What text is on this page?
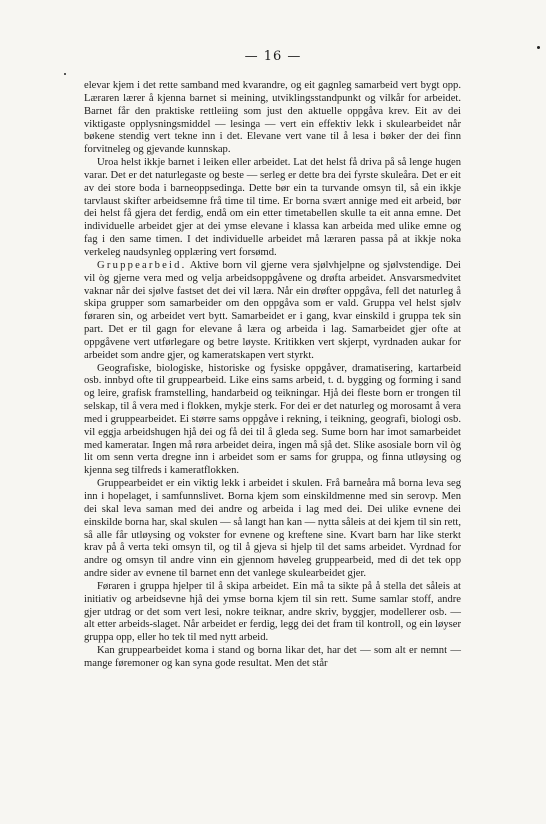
— 16 —

elevar kjem i det rette samband med kvarandre, og eit gagnleg samarbeid vert bygt opp. Læraren lærer å kjenna barnet si meining, utviklingsstandpunkt og vilkår for arbeidet. Barnet får den praktiske rettleiing som just den aktuelle oppgåva krev. Eit av dei viktigaste opplysningsmiddel — lesinga — vert ein effektiv lekk i skulearbeidet når bøkene stendig vert tekne inn i det. Elevane vert vane til å lesa i bøker der dei finn forvitneleg og gjevande kunnskap.

Uroa helst ikkje barnet i leiken eller arbeidet. Lat det helst få driva på så lenge hugen varar. Det er det naturlegaste og beste — serleg er dette bra dei fyrste skuleåra. Det er eit av dei store boda i barneoppsedinga. Dette bør ein ta turvande omsyn til, så ein ikkje tarvlaust skifter arbeidsemne frå time til time. Er borna svært annige med eit arbeid, bør dei helst få gjera det ferdig, endå om ein etter timetabellen skulle ta eit anna emne. Det individuelle arbeidet gjer at dei ymse elevane i klassa kan arbeida med ulike emne og fag i den same timen. I det individuelle arbeidet må læraren passa på at ikkje noka verkeleg naudsynleg opplæring vert forsømd.

Gruppearbeid. Aktive born vil gjerne vera sjølvhjelpne og sjølvstendige. Dei vil òg gjerne vera med og velja arbeidsoppgåvene og drøfta arbeidet. Ansvarsmedvitet vaknar når dei sjølve fastset det dei vil læra. Når ein drøfter oppgåva, fell det naturleg å skipa grupper som samarbeider om den oppgåva som er vald. Gruppa vel helst sjølv føraren sin, og arbeidet vert bytt. Samarbeidet er i gang, kvar einskild i gruppa tek sin part. Det er til gagn for elevane å læra og arbeida i lag. Samarbeidet gjer ofte at oppgåvene vert utførlegare og betre løyste. Kritikken vert skjerpt, vyrdnaden aukar for arbeidet som andre gjer, og kameratskapen vert styrkt.

Geografiske, biologiske, historiske og fysiske oppgåver, dramatisering, kartarbeid osb. innbyd ofte til gruppearbeid. Like eins sams arbeid, t. d. bygging og forming i sand og leire, grafisk framstelling, handarbeid og teikningar. Hjå dei fleste born er trongen til selskap, til å vera med i flokken, mykje sterk. For dei er det naturleg og morosamt å vera med i gruppearbeidet. Ei større sams oppgåve i rekning, i teikning, geografi, biologi osb. vil eggja arbeidshugen hjå dei og få dei til å gleda seg. Sume born har imot samarbeidet med kameratar. Ingen må røra arbeidet deira, ingen må sjå det. Slike asosiale born vil òg lit om senn verta dregne inn i arbeidet som er sams for gruppa, og finna utløysing og kjenna seg tilfreds i kameratflokken.

Gruppearbeidet er ein viktig lekk i arbeidet i skulen. Frå barneåra må borna leva seg inn i hopelaget, i samfunnslivet. Borna kjem som einskildmenne med sin serovp. Men dei skal leva saman med dei andre og arbeida i lag med dei. Dei ulike evnene dei einskilde borna har, skal skulen — så langt han kan — nytta såleis at dei kjem til sin rett, så alle får utløysing og vokster for evnene og kreftene sine. Kvart barn har like sterkt krav på å verta teki omsyn til, og til å gjeva si hjelp til det sams arbeidet. Vyrdnad for andre og omsyn til andre vinn ein gjennom høveleg gruppearbeid, med di det tek opp andre sider av evnene til barnet enn det vanlege skulearbeidet gjer.

Føraren i gruppa hjelper til å skipa arbeidet. Ein må ta sikte på å stella det såleis at initiativ og arbeidsevne hjå dei ymse borna kjem til sin rett. Sume samlar stoff, andre gjer utdrag or det som vert lesi, nokre teiknar, andre skriv, byggjer, modellerer osb. — alt etter arbeids-slaget. Når arbeidet er ferdig, legg dei det fram til kontroll, og ein løyser gruppa opp, eller ho tek til med nytt arbeid.

Kan gruppearbeidet koma i stand og borna likar det, har det — som alt er nemnt — mange føremoner og kan syna gode resultat. Men det står
